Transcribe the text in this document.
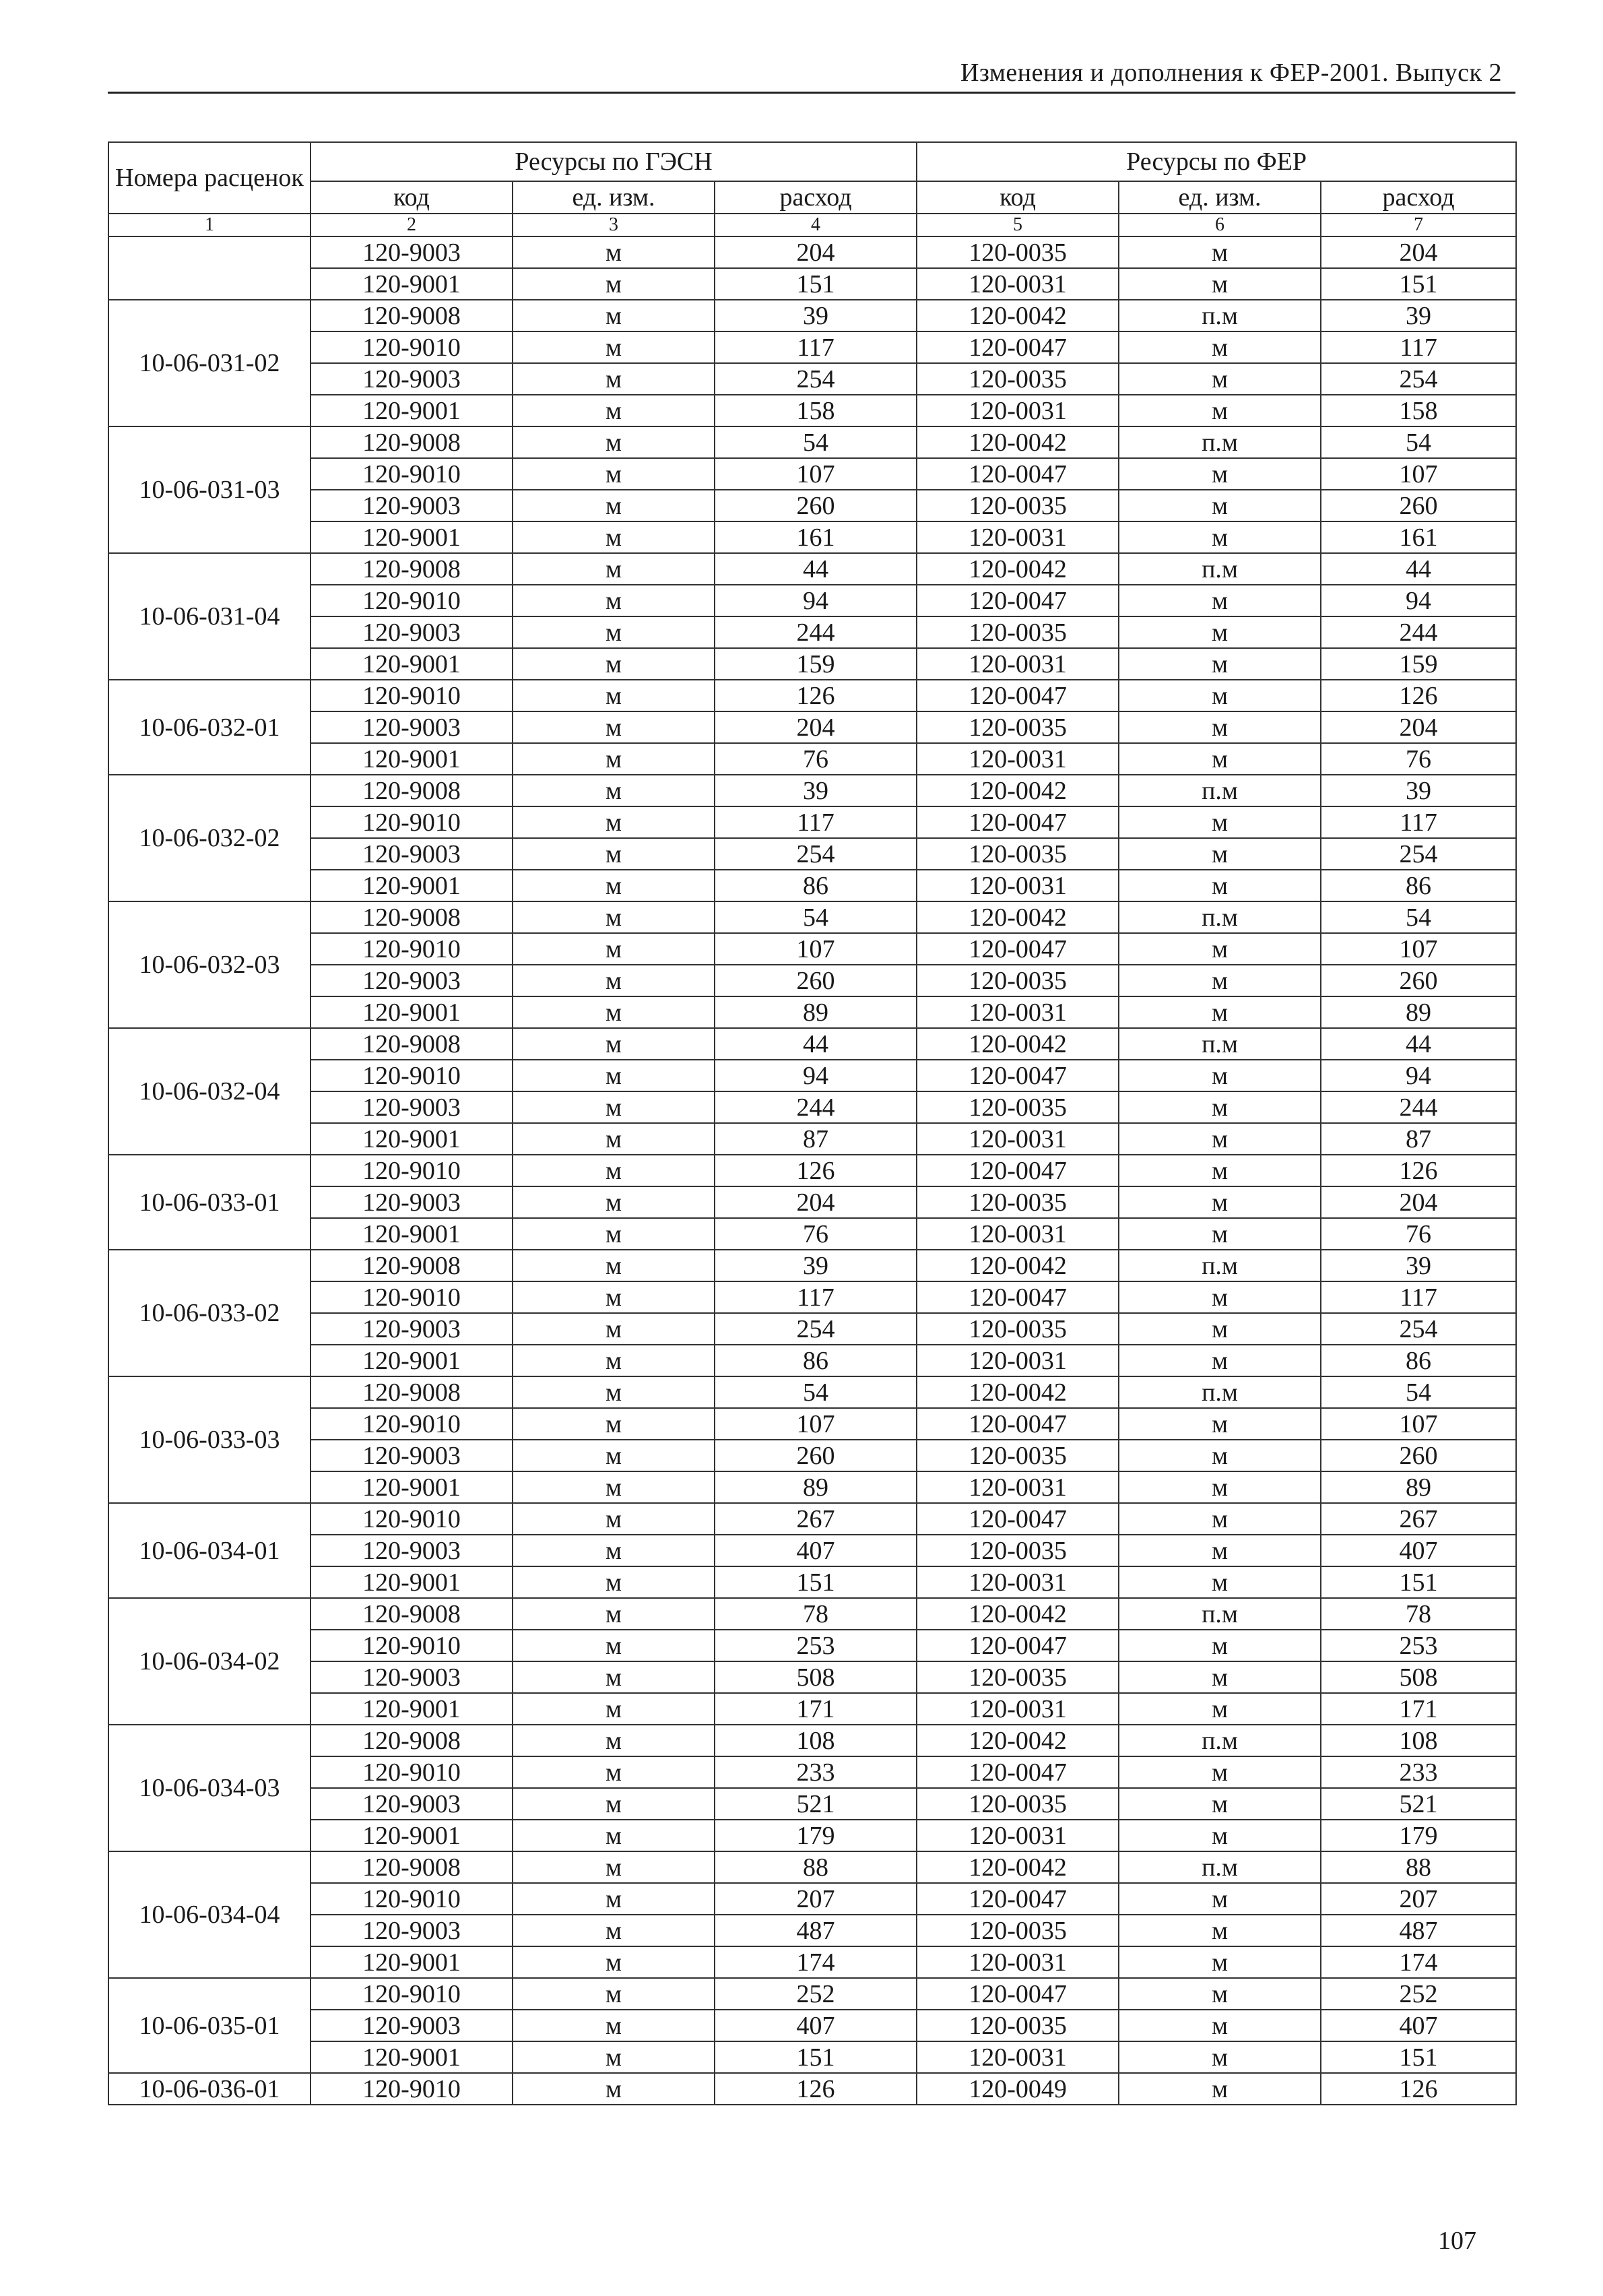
Изменения и дополнения к ФЕР-2001. Выпуск 2
Номера расценок	Ресурсы по ГЭСН			Ресурсы по ФЕР		
	код	ед. изм.	расход	код	ед. изм.	расход
1	2	3	4	5	6	7
	120-9003	м	204	120-0035	м	204
	120-9001	м	151	120-0031	м	151
10-06-031-02	120-9008	м	39	120-0042	п.м	39
	120-9010	м	117	120-0047	м	117
	120-9003	м	254	120-0035	м	254
	120-9001	м	158	120-0031	м	158
10-06-031-03	120-9008	м	54	120-0042	п.м	54
	120-9010	м	107	120-0047	м	107
	120-9003	м	260	120-0035	м	260
	120-9001	м	161	120-0031	м	161
10-06-031-04	120-9008	м	44	120-0042	п.м	44
	120-9010	м	94	120-0047	м	94
	120-9003	м	244	120-0035	м	244
	120-9001	м	159	120-0031	м	159
10-06-032-01	120-9010	м	126	120-0047	м	126
	120-9003	м	204	120-0035	м	204
	120-9001	м	76	120-0031	м	76
10-06-032-02	120-9008	м	39	120-0042	п.м	39
	120-9010	м	117	120-0047	м	117
	120-9003	м	254	120-0035	м	254
	120-9001	м	86	120-0031	м	86
10-06-032-03	120-9008	м	54	120-0042	п.м	54
	120-9010	м	107	120-0047	м	107
	120-9003	м	260	120-0035	м	260
	120-9001	м	89	120-0031	м	89
10-06-032-04	120-9008	м	44	120-0042	п.м	44
	120-9010	м	94	120-0047	м	94
	120-9003	м	244	120-0035	м	244
	120-9001	м	87	120-0031	м	87
10-06-033-01	120-9010	м	126	120-0047	м	126
	120-9003	м	204	120-0035	м	204
	120-9001	м	76	120-0031	м	76
10-06-033-02	120-9008	м	39	120-0042	п.м	39
	120-9010	м	117	120-0047	м	117
	120-9003	м	254	120-0035	м	254
	120-9001	м	86	120-0031	м	86
10-06-033-03	120-9008	м	54	120-0042	п.м	54
	120-9010	м	107	120-0047	м	107
	120-9003	м	260	120-0035	м	260
	120-9001	м	89	120-0031	м	89
10-06-034-01	120-9010	м	267	120-0047	м	267
	120-9003	м	407	120-0035	м	407
	120-9001	м	151	120-0031	м	151
10-06-034-02	120-9008	м	78	120-0042	п.м	78
	120-9010	м	253	120-0047	м	253
	120-9003	м	508	120-0035	м	508
	120-9001	м	171	120-0031	м	171
10-06-034-03	120-9008	м	108	120-0042	п.м	108
	120-9010	м	233	120-0047	м	233
	120-9003	м	521	120-0035	м	521
	120-9001	м	179	120-0031	м	179
10-06-034-04	120-9008	м	88	120-0042	п.м	88
	120-9010	м	207	120-0047	м	207
	120-9003	м	487	120-0035	м	487
	120-9001	м	174	120-0031	м	174
10-06-035-01	120-9010	м	252	120-0047	м	252
	120-9003	м	407	120-0035	м	407
	120-9001	м	151	120-0031	м	151
10-06-036-01	120-9010	м	126	120-0049	м	126
107
